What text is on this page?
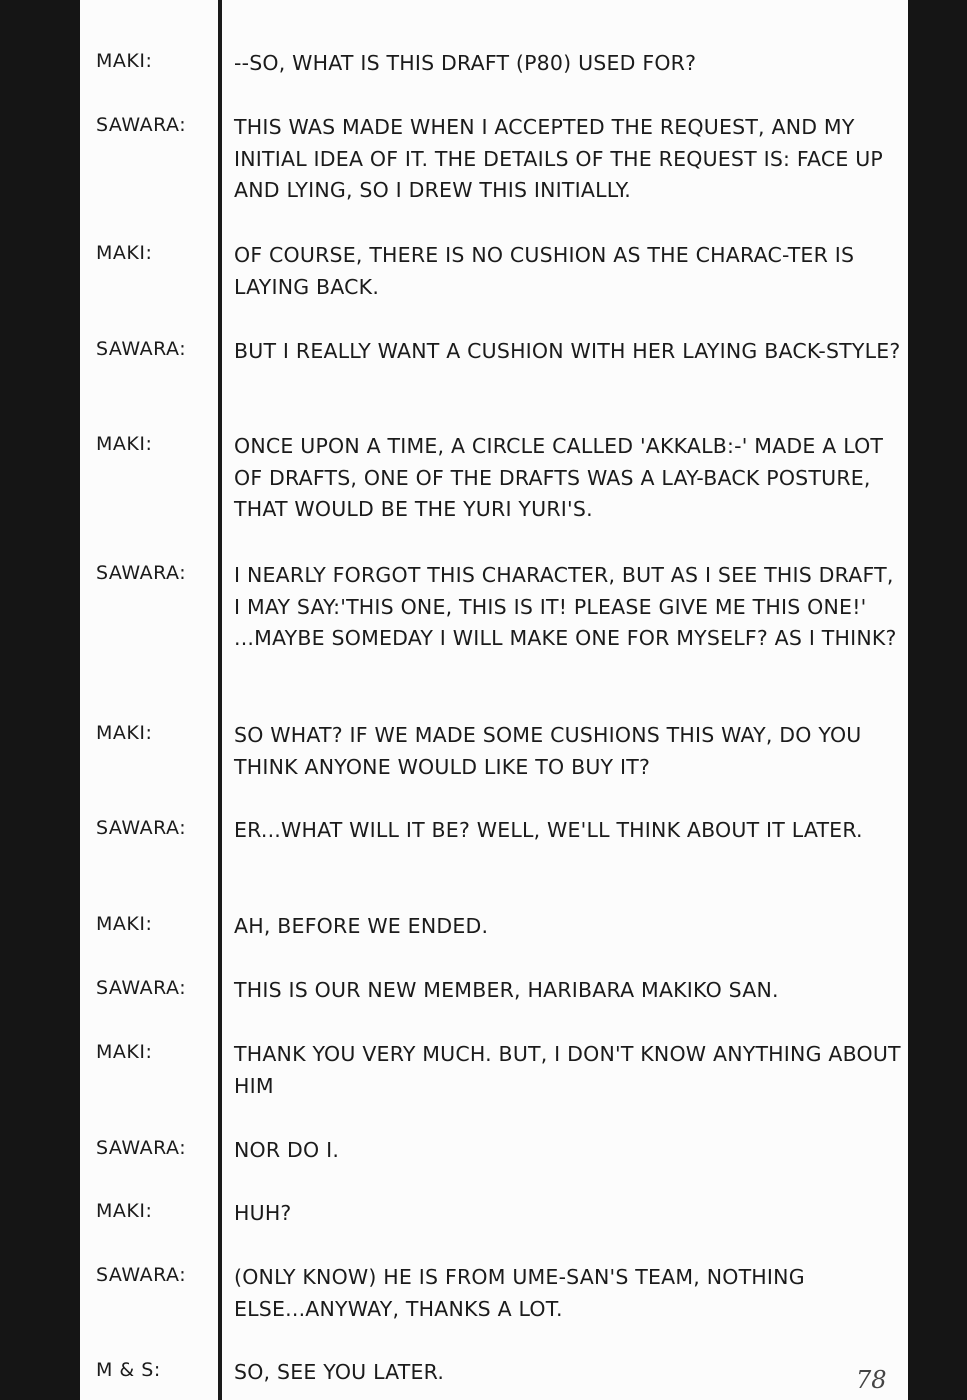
MAKI:	--SO, WHAT IS THIS DRAFT (P80) USED FOR?
SAWARA: THIS WAS MADE WHEN I ACCEPTED THE REQUEST, AND MY INITIAL IDEA OF IT. THE DETAILS OF THE REQUEST IS: FACE UP AND LYING, SO I DREW THIS INITIALLY.
MAKI:	OF COURSE, THERE IS NO CUSHION AS THE CHARAC-TER IS LAYING BACK.
SAWARA: BUT I REALLY WANT A CUSHION WITH HER LAYING BACK-STYLE?
MAKI:	ONCE UPON A TIME, A CIRCLE CALLED 'AKKALB:-' MADE A LOT OF DRAFTS, ONE OF THE DRAFTS WAS A LAY-BACK POSTURE, THAT WOULD BE THE YURI YURI'S.
SAWARA: I NEARLY FORGOT THIS CHARACTER, BUT AS I SEE THIS DRAFT, I MAY SAY:'THIS ONE, THIS IS IT! PLEASE GIVE ME THIS ONE!' ...MAYBE SOMEDAY I WILL MAKE ONE FOR MYSELF? AS I THINK?
MAKI:	SO WHAT? IF WE MADE SOME CUSHIONS THIS WAY, DO YOU THINK ANYONE WOULD LIKE TO BUY IT?
SAWARA: ER...WHAT WILL IT BE? WELL, WE'LL THINK ABOUT IT LATER.
MAKI:	AH, BEFORE WE ENDED.
SAWARA: THIS IS OUR NEW MEMBER, HARIBARA MAKIKO SAN.
MAKI:	THANK YOU VERY MUCH. BUT, I DON'T KNOW ANYTHING ABOUT HIM
SAWARA: NOR DO I.
MAKI:	HUH?
SAWARA: (ONLY KNOW) HE IS FROM UME-SAN'S TEAM, NOTHING ELSE...ANYWAY, THANKS A LOT.
M & S:	SO, SEE YOU LATER.	78
